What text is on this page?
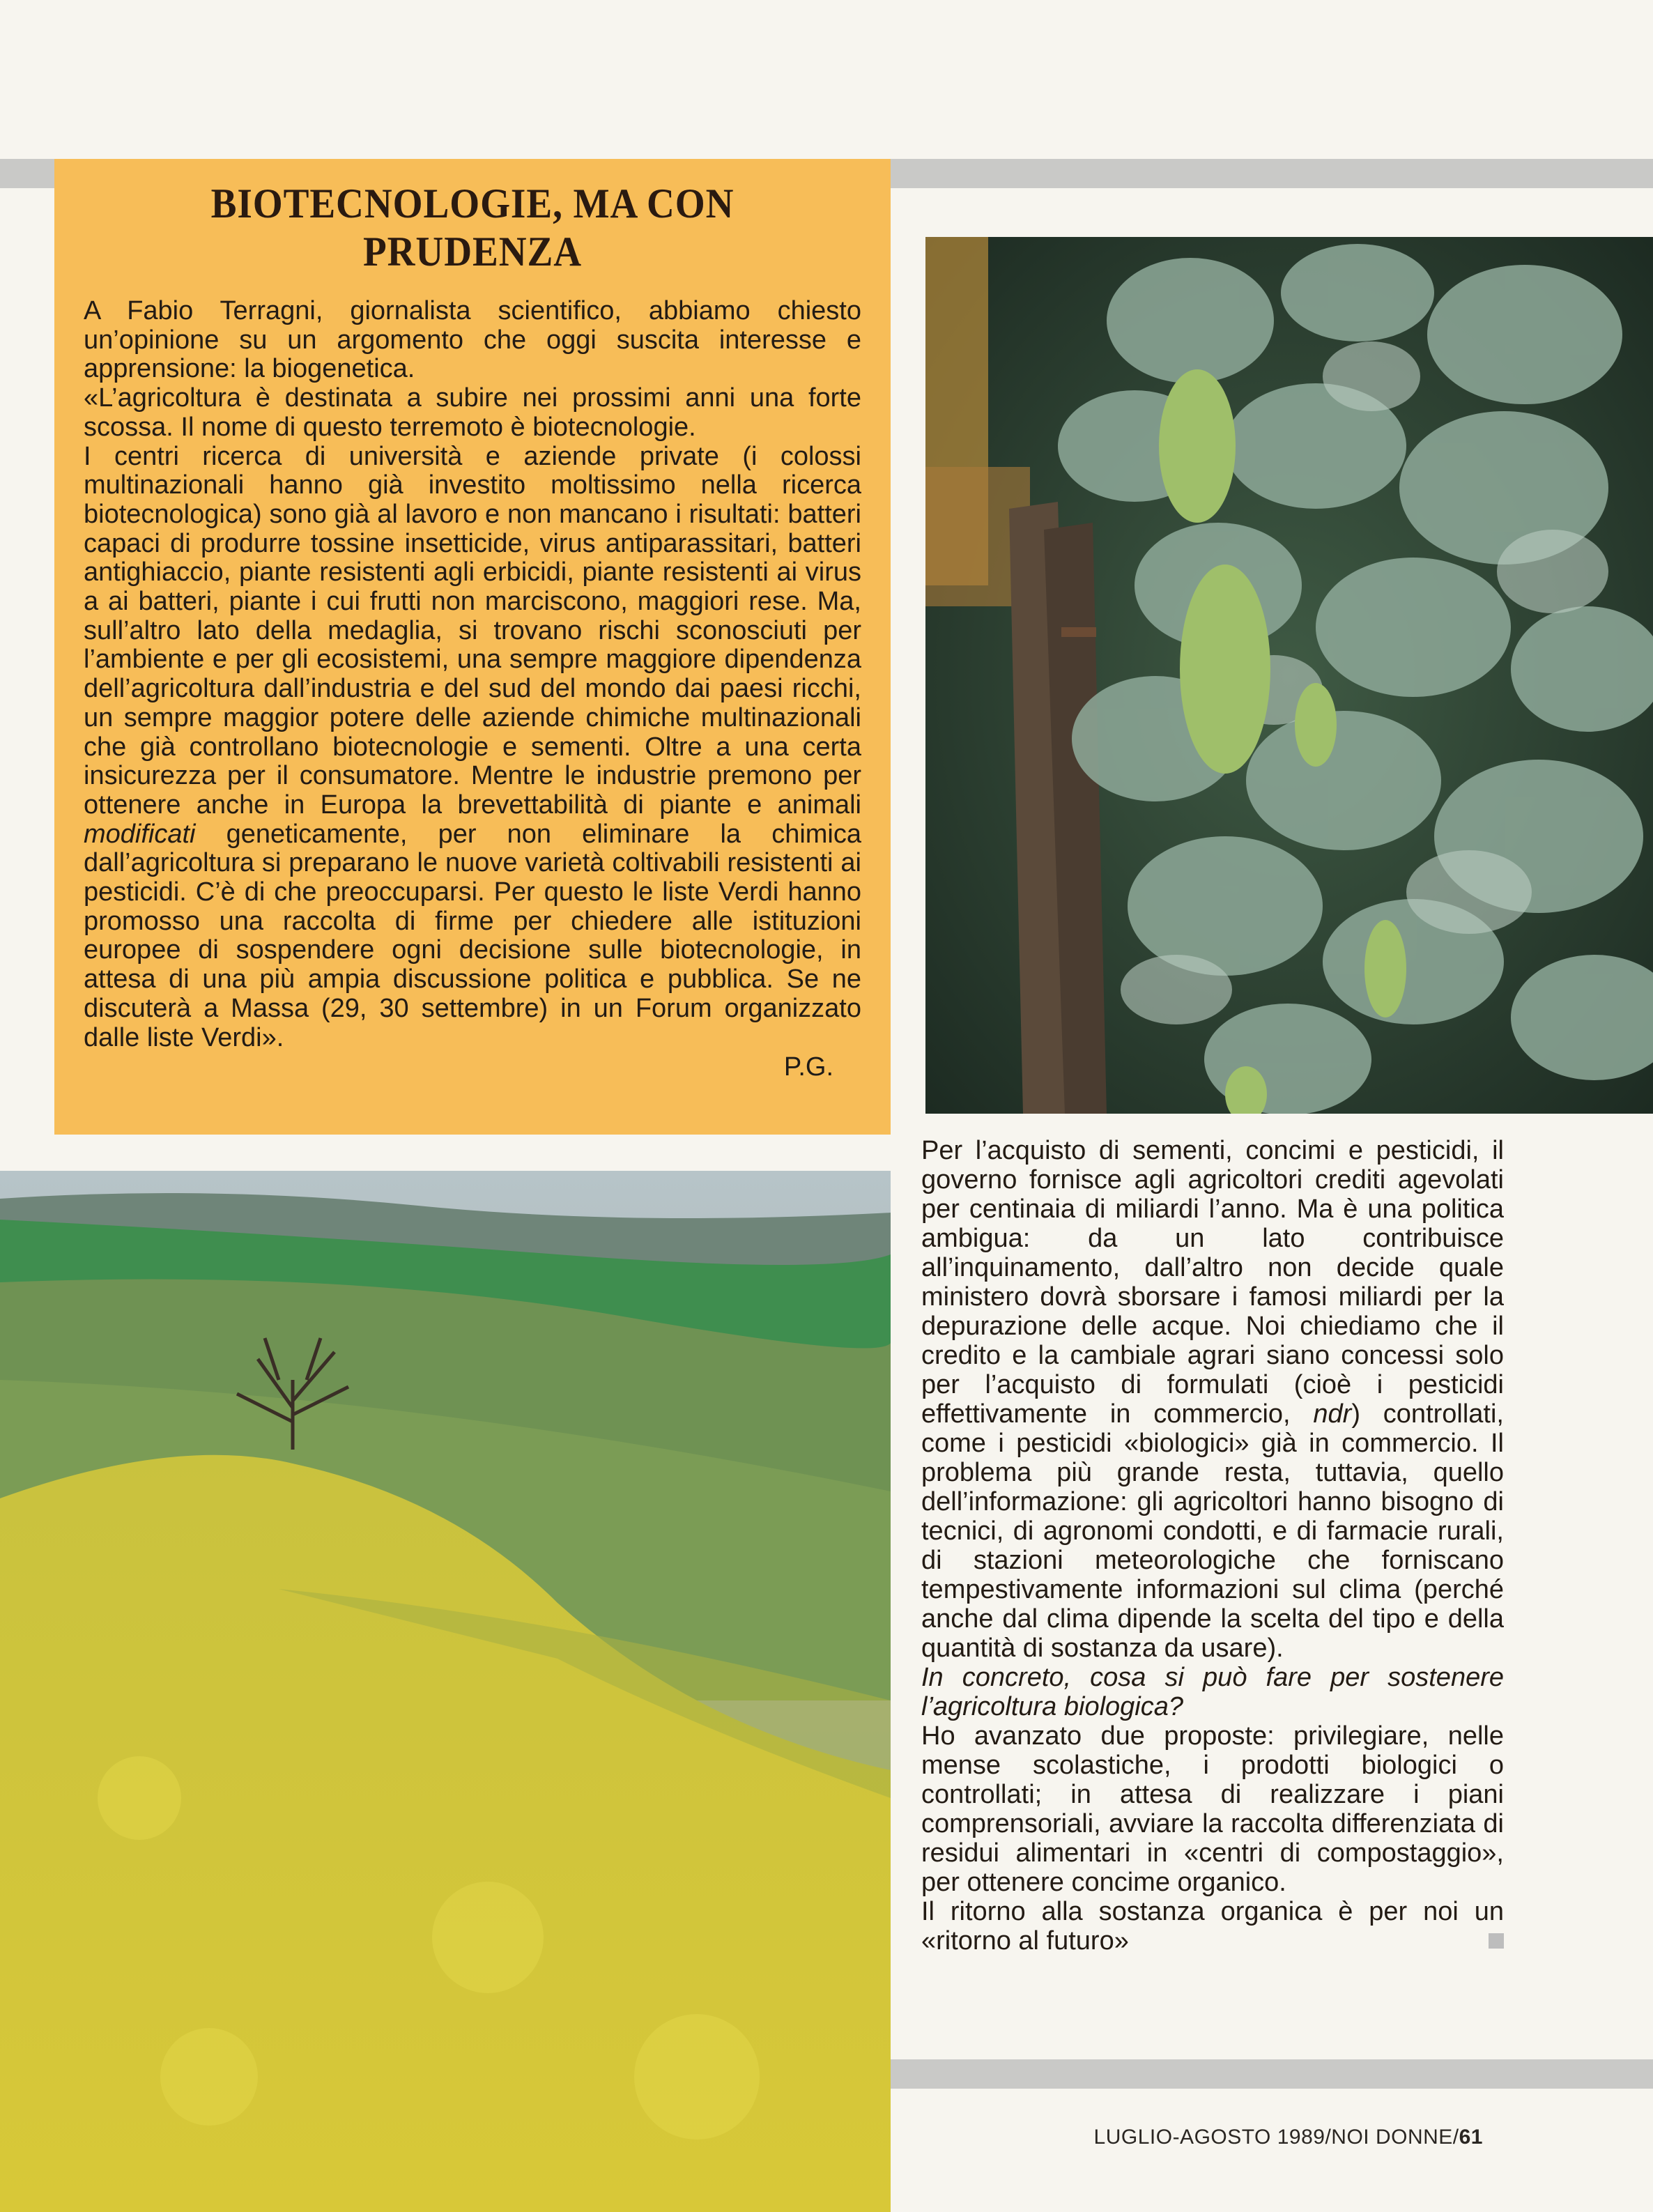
BIOTECNOLOGIE, MA CON PRUDENZA

A Fabio Terragni, giornalista scientifico, abbiamo chiesto un’opinione su un argomento che oggi suscita interesse e apprensione: la biogenetica.
«L’agricoltura è destinata a subire nei prossimi anni una forte scossa. Il nome di questo terremoto è biotecnologie.
I centri ricerca di università e aziende private (i colossi multinazionali hanno già investito moltissimo nella ricerca biotecnologica) sono già al lavoro e non mancano i risultati: batteri capaci di produrre tossine insetticide, virus antiparassitari, batteri antighiaccio, piante resistenti agli erbicidi, piante resistenti ai virus a ai batteri, piante i cui frutti non marciscono, maggiori rese. Ma, sull’altro lato della medaglia, si trovano rischi sconosciuti per l’ambiente e per gli ecosistemi, una sempre maggiore dipendenza dell’agricoltura dall’industria e del sud del mondo dai paesi ricchi, un sempre maggior potere delle aziende chimiche multinazionali che già controllano biotecnologie e sementi. Oltre a una certa insicurezza per il consumatore. Mentre le industrie premono per ottenere anche in Europa la brevettabilità di piante e animali modificati geneticamente, per non eliminare la chimica dall’agricoltura si preparano le nuove varietà coltivabili resistenti ai pesticidi. C’è di che preoccuparsi. Per questo le liste Verdi hanno promosso una raccolta di firme per chiedere alle istituzioni europee di sospendere ogni decisione sulle biotecnologie, in attesa di una più ampia discussione politica e pubblica. Se ne discuterà a Massa (29, 30 settembre) in un Forum organizzato dalle liste Verdi».

P.G.

Per l’acquisto di sementi, concimi e pesticidi, il governo fornisce agli agricoltori crediti agevolati per centinaia di miliardi l’anno. Ma è una politica ambigua: da un lato contribuisce all’inquinamento, dall’altro non decide quale ministero dovrà sborsare i famosi miliardi per la depurazione delle acque. Noi chiediamo che il credito e la cambiale agrari siano concessi solo per l’acquisto di formulati (cioè i pesticidi effettivamente in commercio, ndr) controllati, come i pesticidi «biologici» già in commercio. Il problema più grande resta, tuttavia, quello dell’informazione: gli agricoltori hanno bisogno di tecnici, di agronomi condotti, e di farmacie rurali, di stazioni meteorologiche che forniscano tempestivamente informazioni sul clima (perché anche dal clima dipende la scelta del tipo e della quantità di sostanza da usare).

In concreto, cosa si può fare per sostenere l’agricoltura biologica?

Ho avanzato due proposte: privilegiare, nelle mense scolastiche, i prodotti biologici o controllati; in attesa di realizzare i piani comprensoriali, avviare la raccolta differenziata di residui alimentari in «centri di compostaggio», per ottenere concime organico.

Il ritorno alla sostanza organica è per noi un «ritorno al futuro»

LUGLIO-AGOSTO 1989/NOI DONNE/61
